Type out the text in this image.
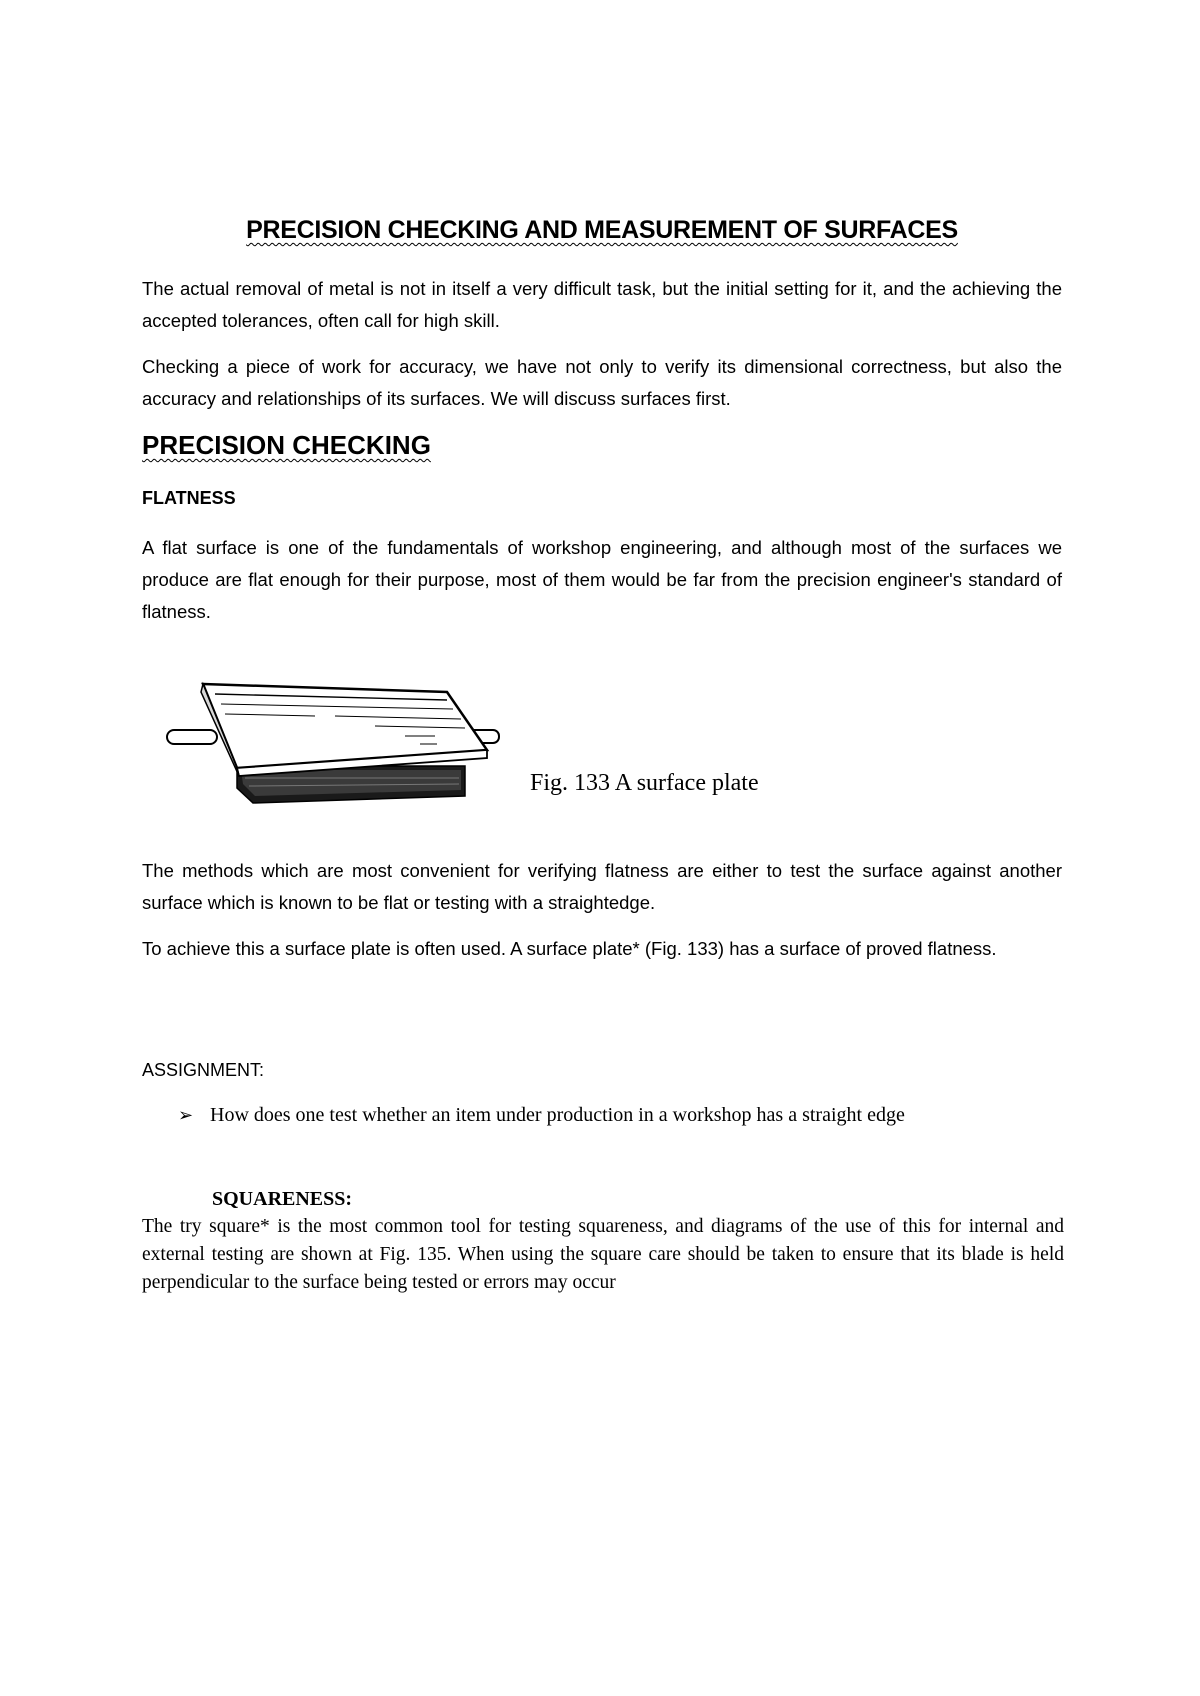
PRECISION CHECKING AND MEASUREMENT OF SURFACES

The actual removal of metal is not in itself a very difficult task, but the initial setting for it, and the achieving the accepted tolerances, often call for high skill.

Checking a piece of work for accuracy, we have not only to verify its dimensional correctness, but also the accuracy and relationships of its surfaces. We will discuss surfaces first.

PRECISION CHECKING
FLATNESS

A flat surface is one of the fundamentals of workshop engineering, and although most of the surfaces we produce are flat enough for their purpose, most of them would be far from the precision engineer's standard of flatness.

Fig. 133 A surface plate

The methods which are most convenient for verifying flatness are either to test the surface against another surface which is known to be flat or testing with a straightedge.

To achieve this a surface plate is often used. A surface plate* (Fig. 133) has a surface of proved flatness.

ASSIGNMENT:
➢ How does one test whether an item under production in a workshop has a straight edge
SQUARENESS:

The try square* is the most common tool for testing squareness, and diagrams of the use of this for internal and external testing are shown at Fig. 135. When using the square care should be taken to ensure that its blade is held perpendicular to the surface being tested or errors may occur
